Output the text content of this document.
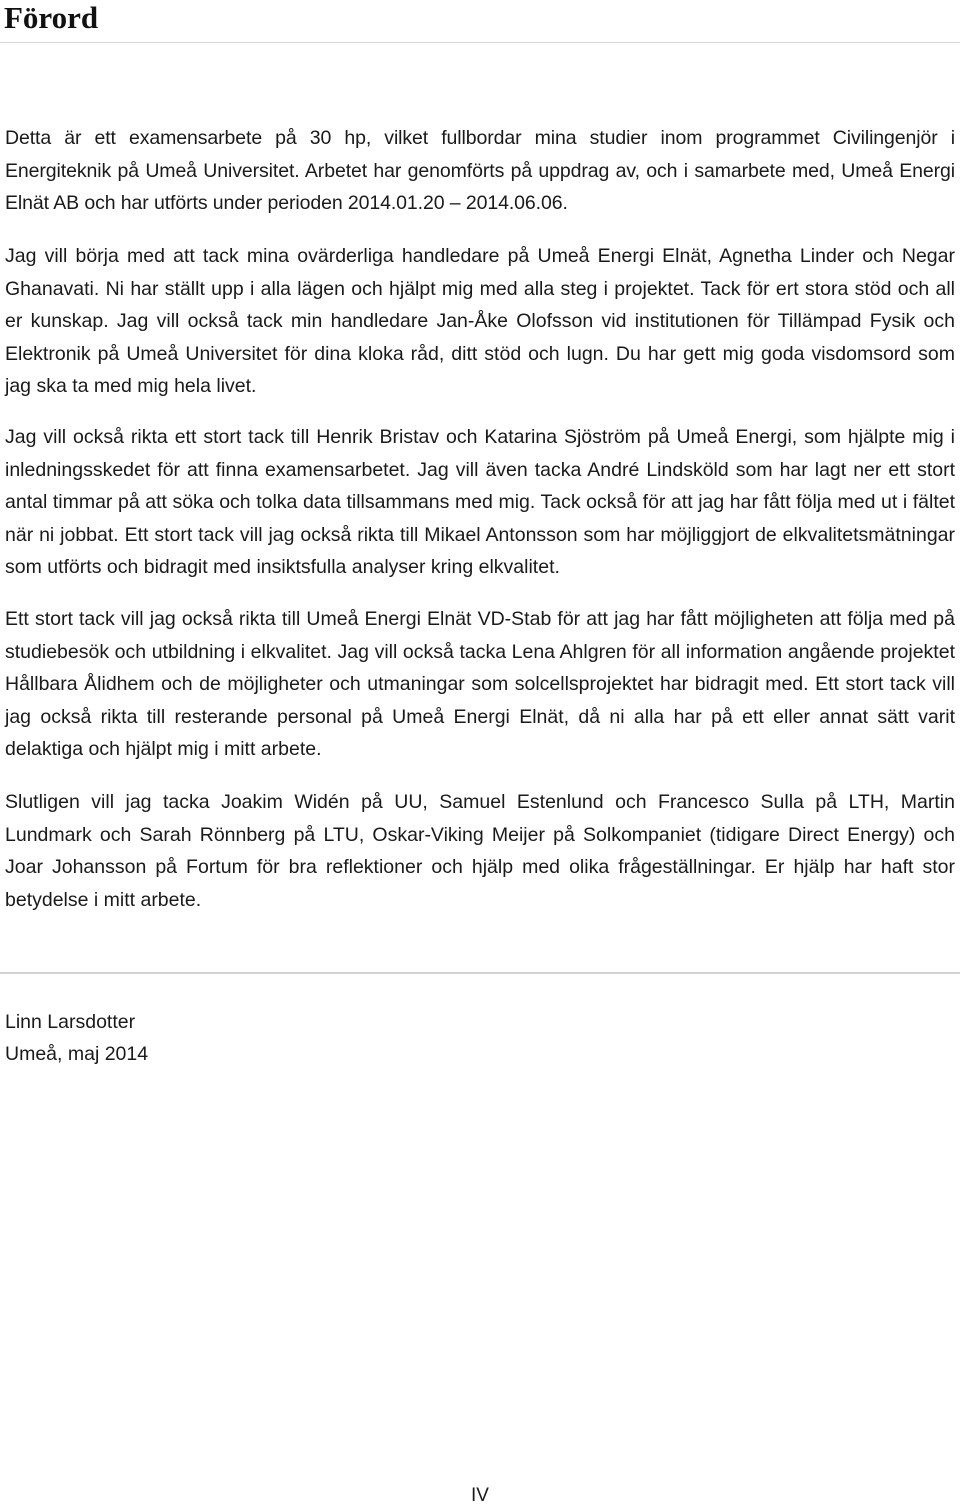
Förord

Detta är ett examensarbete på 30 hp, vilket fullbordar mina studier inom programmet Civilingenjör i Energiteknik på Umeå Universitet. Arbetet har genomförts på uppdrag av, och i samarbete med, Umeå Energi Elnät AB och har utförts under perioden 2014.01.20 – 2014.06.06.

Jag vill börja med att tack mina ovärderliga handledare på Umeå Energi Elnät, Agnetha Linder och Negar Ghanavati. Ni har ställt upp i alla lägen och hjälpt mig med alla steg i projektet. Tack för ert stora stöd och all er kunskap. Jag vill också tack min handledare Jan-Åke Olofsson vid institutionen för Tillämpad Fysik och Elektronik på Umeå Universitet för dina kloka råd, ditt stöd och lugn. Du har gett mig goda visdomsord som jag ska ta med mig hela livet.

Jag vill också rikta ett stort tack till Henrik Bristav och Katarina Sjöström på Umeå Energi, som hjälpte mig i inledningsskedet för att finna examensarbetet. Jag vill även tacka André Lindsköld som har lagt ner ett stort antal timmar på att söka och tolka data tillsammans med mig. Tack också för att jag har fått följa med ut i fältet när ni jobbat. Ett stort tack vill jag också rikta till Mikael Antonsson som har möjliggjort de elkvalitetsmätningar som utförts och bidragit med insiktsfulla analyser kring elkvalitet.

Ett stort tack vill jag också rikta till Umeå Energi Elnät VD-Stab för att jag har fått möjligheten att följa med på studiebesök och utbildning i elkvalitet. Jag vill också tacka Lena Ahlgren för all information angående projektet Hållbara Ålidhem och de möjligheter och utmaningar som solcellsprojektet har bidragit med. Ett stort tack vill jag också rikta till resterande personal på Umeå Energi Elnät, då ni alla har på ett eller annat sätt varit delaktiga och hjälpt mig i mitt arbete.

Slutligen vill jag tacka Joakim Widén på UU, Samuel Estenlund och Francesco Sulla på LTH, Martin Lundmark och Sarah Rönnberg på LTU, Oskar-Viking Meijer på Solkompaniet (tidigare Direct Energy) och Joar Johansson på Fortum för bra reflektioner och hjälp med olika frågeställningar. Er hjälp har haft stor betydelse i mitt arbete.

Linn Larsdotter
Umeå, maj 2014
IV
